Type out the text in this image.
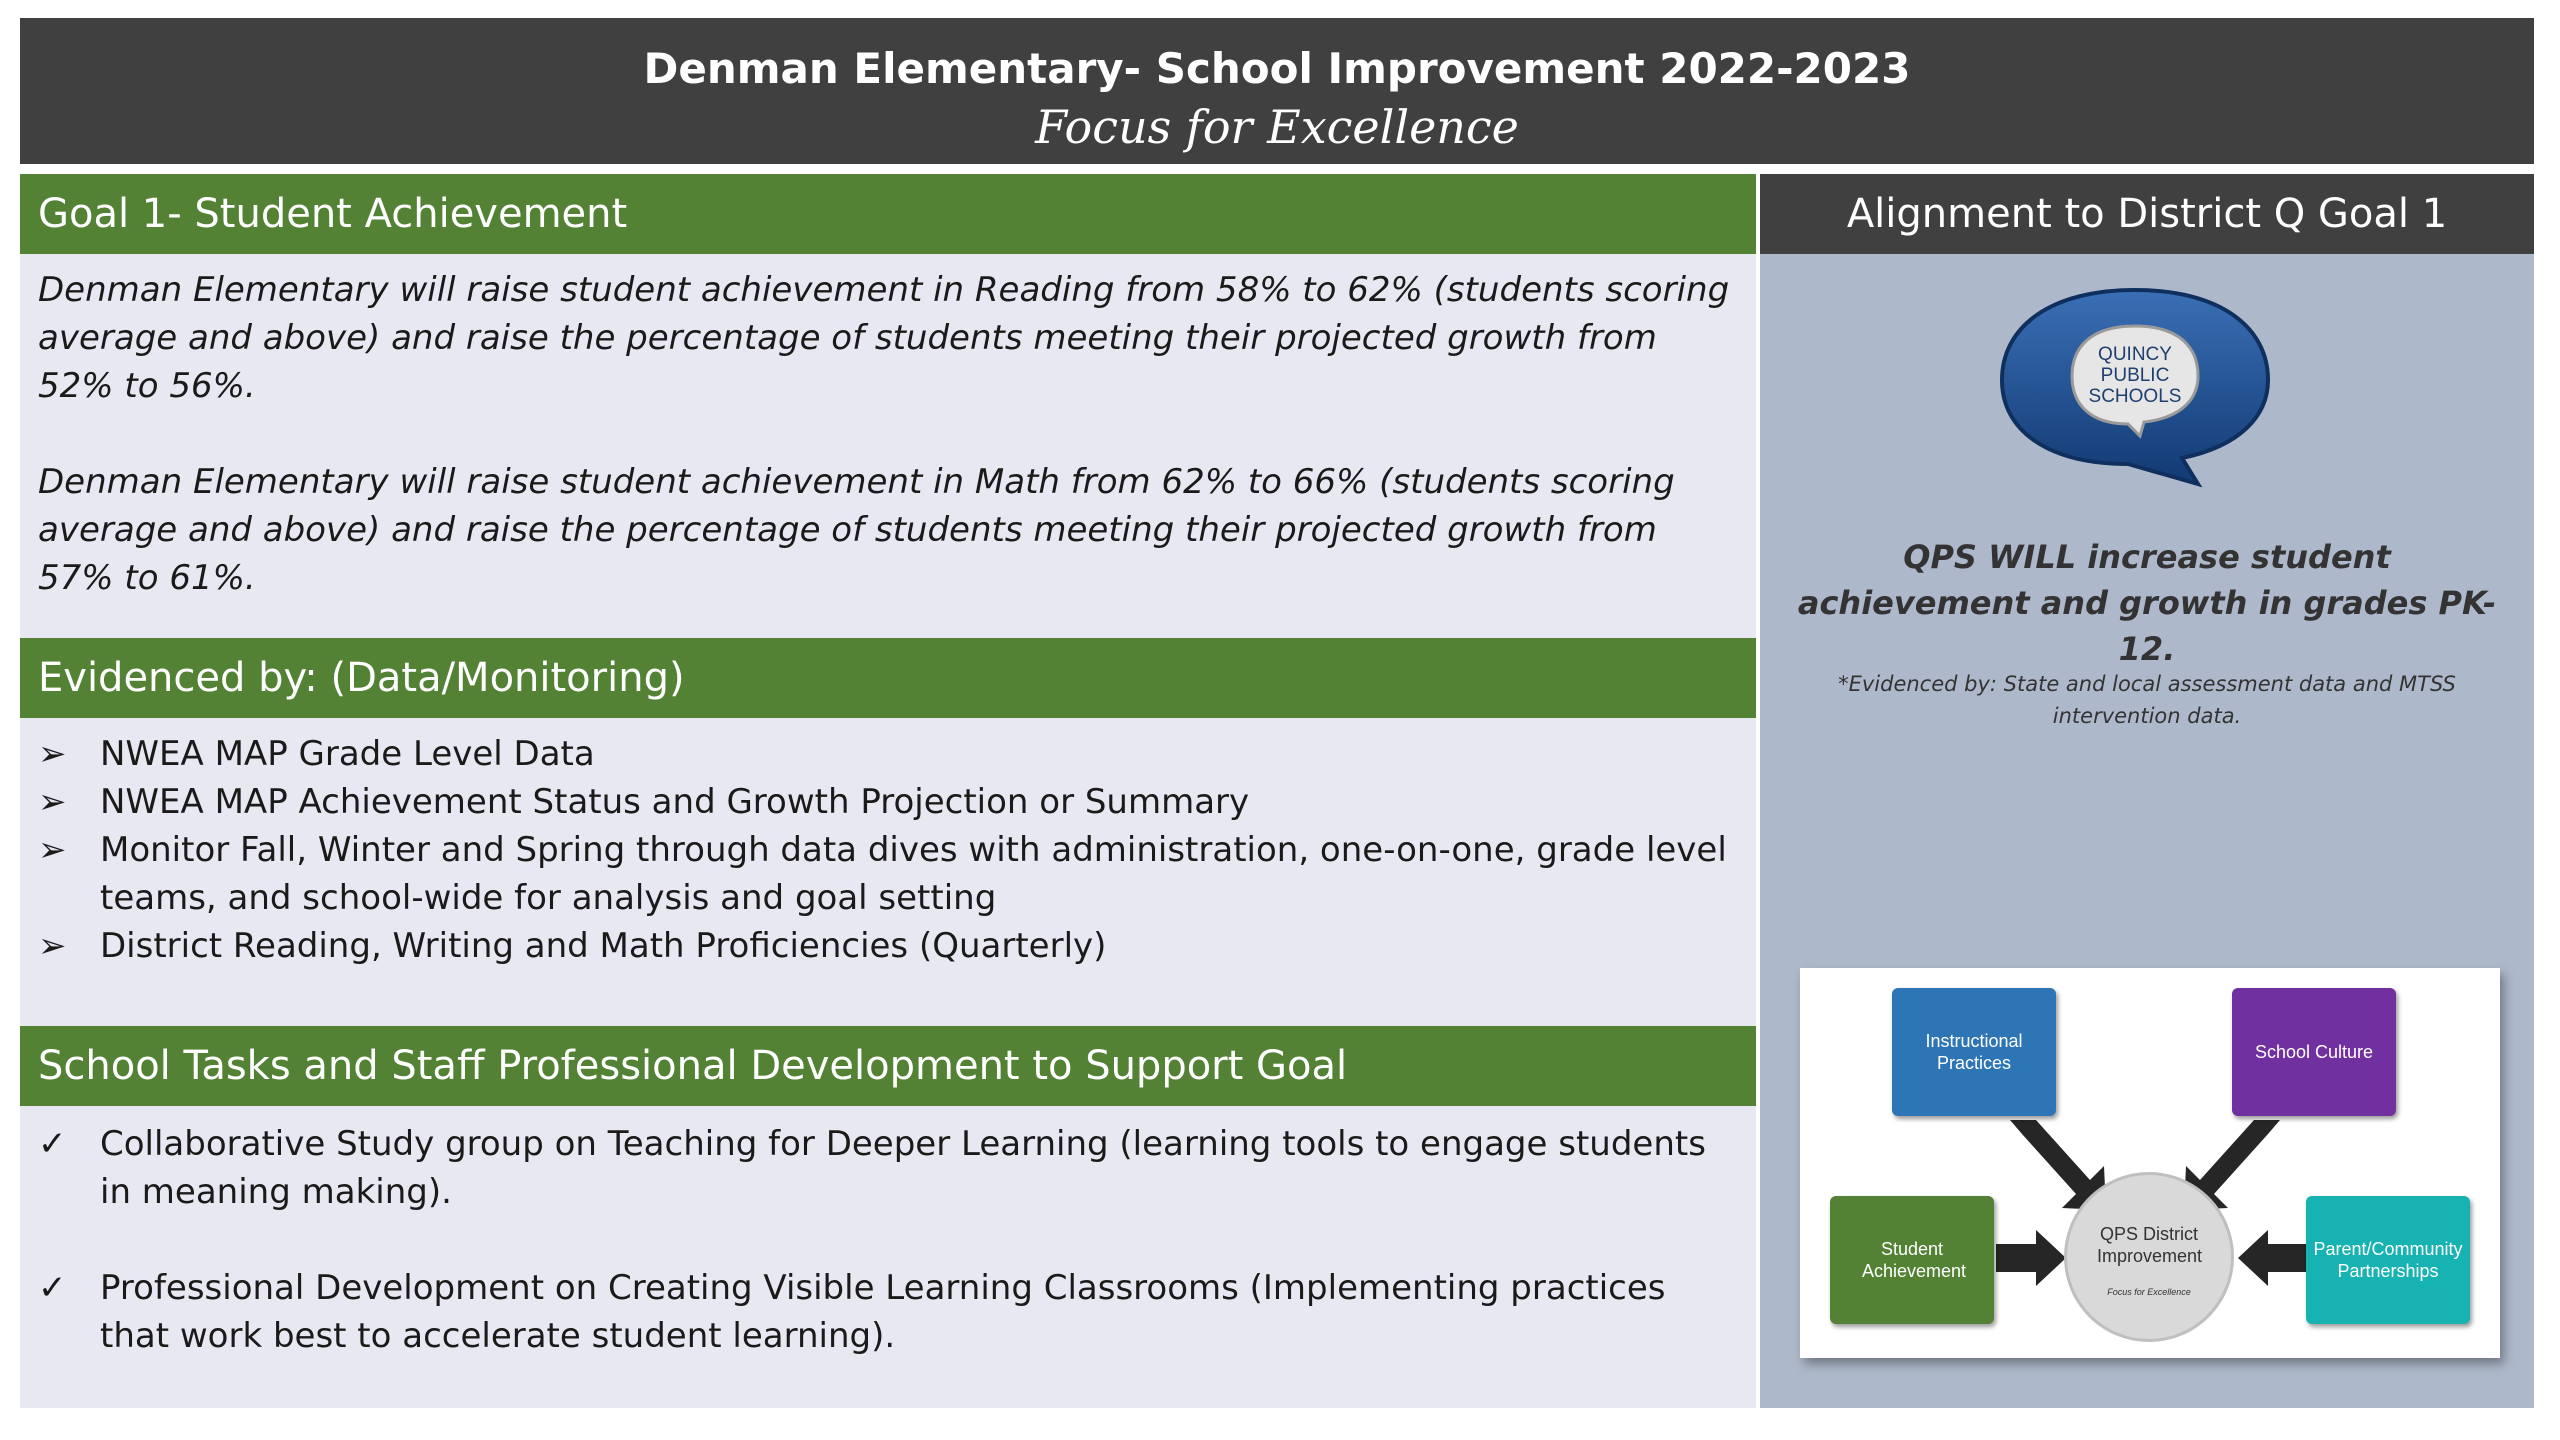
Denman Elementary- School Improvement 2022-2023
Focus for Excellence
Goal 1- Student Achievement
Denman Elementary will raise student achievement in Reading from 58% to 62% (students scoring average and above) and raise the percentage of students meeting their projected growth from 52% to 56%.
Denman Elementary will raise student achievement in Math from 62% to 66% (students scoring average and above) and raise the percentage of students meeting their projected growth from 57% to 61%.
Evidenced by: (Data/Monitoring)
➢ NWEA MAP Grade Level Data
➢ NWEA MAP Achievement Status and Growth Projection or Summary
➢ Monitor Fall, Winter and Spring through data dives with administration, one-on-one, grade level teams, and school-wide for analysis and goal setting
➢ District Reading, Writing and Math Proficiencies (Quarterly)
School Tasks and Staff Professional Development to Support Goal
✓ Collaborative Study group on Teaching for Deeper Learning (learning tools to engage students in meaning making).
✓ Professional Development on Creating Visible Learning Classrooms (Implementing practices that work best to accelerate student learning).
Alignment to District Q Goal 1
QUINCY
PUBLIC
SCHOOLS
QPS WILL increase student achievement and growth in grades PK-12.
*Evidenced by: State and local assessment data and MTSS intervention data.
Instructional Practices
School Culture
Student Achievement
Parent/Community Partnerships
QPS District Improvement
Focus for Excellence
